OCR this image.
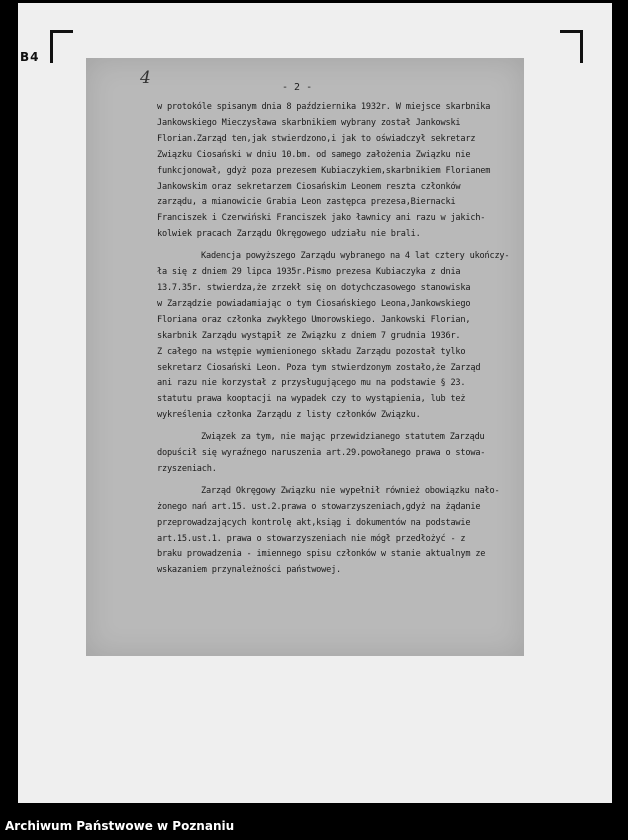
B4
4	- 2 -

w protokóle spisanym dnia 8 października 1932r. W miejsce skarbnika
Jankowskiego Mieczysława skarbnikiem wybrany został Jankowski
Florian.Zarząd ten,jak stwierdzono,i jak to oświadczył sekretarz
Związku Ciosański w dniu 10.bm. od samego założenia Związku nie
funkcjonował, gdyż poza prezesem Kubiaczykiem,skarbnikiem Florianem
Jankowskim oraz sekretarzem Ciosańskim Leonem reszta członków
zarządu, a mianowicie Grabia Leon zastępca prezesa,Biernacki
Franciszek i Czerwiński Franciszek jako ławnicy ani razu w jakich-
kolwiek pracach Zarządu Okręgowego udziału nie brali.

Kadencja powyższego Zarządu wybranego na 4 lat cztery ukończy-
ła się z dniem 29 lipca 1935r.Pismo prezesa Kubiaczyka z dnia
13.7.35r. stwierdza,że zrzekł się on dotychczasowego stanowiska
w Zarządzie powiadamiając o tym Ciosańskiego Leona,Jankowskiego
Floriana oraz członka zwykłego Umorowskiego. Jankowski Florian,
skarbnik Zarządu wystąpił ze Związku z dniem 7 grudnia 1936r.
Z całego na wstępie wymienionego składu Zarządu pozostał tylko
sekretarz Ciosański Leon. Poza tym stwierdzonym zostało,że Zarząd
ani razu nie korzystał z przysługującego mu na podstawie § 23.
statutu prawa kooptacji na wypadek czy to wystąpienia, lub też
wykreślenia członka Zarządu z listy członków Związku.

Związek za tym, nie mając przewidzianego statutem Zarządu
dopuścił się wyraźnego naruszenia art.29.powołanego prawa o stowa-
rzyszeniach.

Zarząd Okręgowy Związku nie wypełnił również obowiązku nało-
żonego nań art.15. ust.2.prawa o stowarzyszeniach,gdyż na żądanie
przeprowadzających kontrolę akt,ksiąg i dokumentów na podstawie
art.15.ust.1. prawa o stowarzyszeniach nie mógł przedłożyć - z
braku prowadzenia - imiennego spisu członków w stanie aktualnym ze
wskazaniem przynależności państwowej.

Archiwum Państwowe w Poznaniu
